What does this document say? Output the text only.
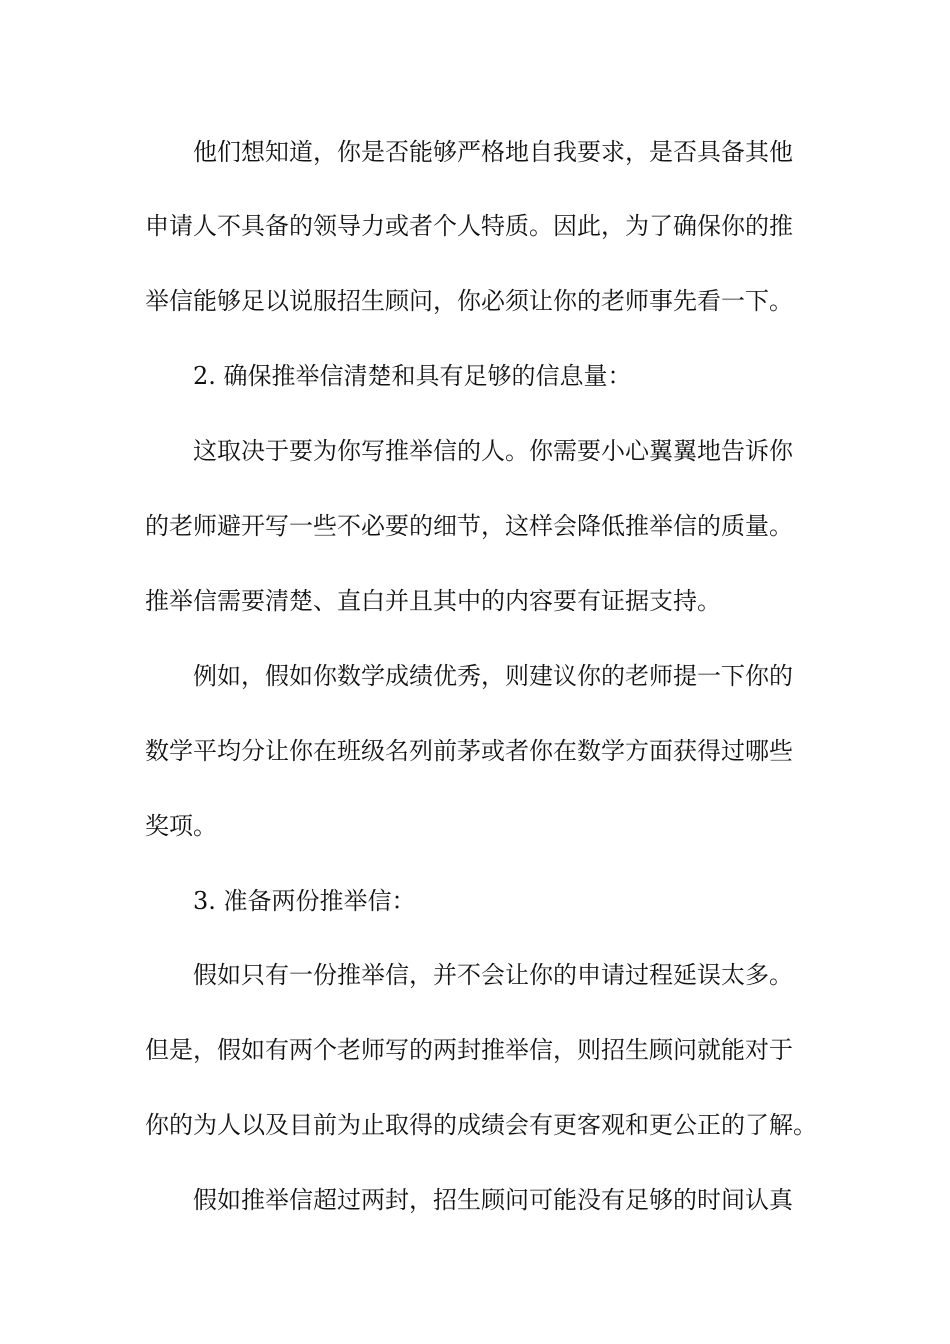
他们想知道，你是否能够严格地自我要求，是否具备其他
申请人不具备的领导力或者个人特质。因此，为了确保你的推
举信能够足以说服招生顾问，你必须让你的老师事先看一下。
2. 确保推举信清楚和具有足够的信息量：
这取决于要为你写推举信的人。你需要小心翼翼地告诉你
的老师避开写一些不必要的细节，这样会降低推举信的质量。
推举信需要清楚、直白并且其中的内容要有证据支持。
例如，假如你数学成绩优秀，则建议你的老师提一下你的
数学平均分让你在班级名列前茅或者你在数学方面获得过哪些
奖项。
3. 准备两份推举信：
假如只有一份推举信，并不会让你的申请过程延误太多。
但是，假如有两个老师写的两封推举信，则招生顾问就能对于
你的为人以及目前为止取得的成绩会有更客观和更公正的了解。
假如推举信超过两封，招生顾问可能没有足够的时间认真
